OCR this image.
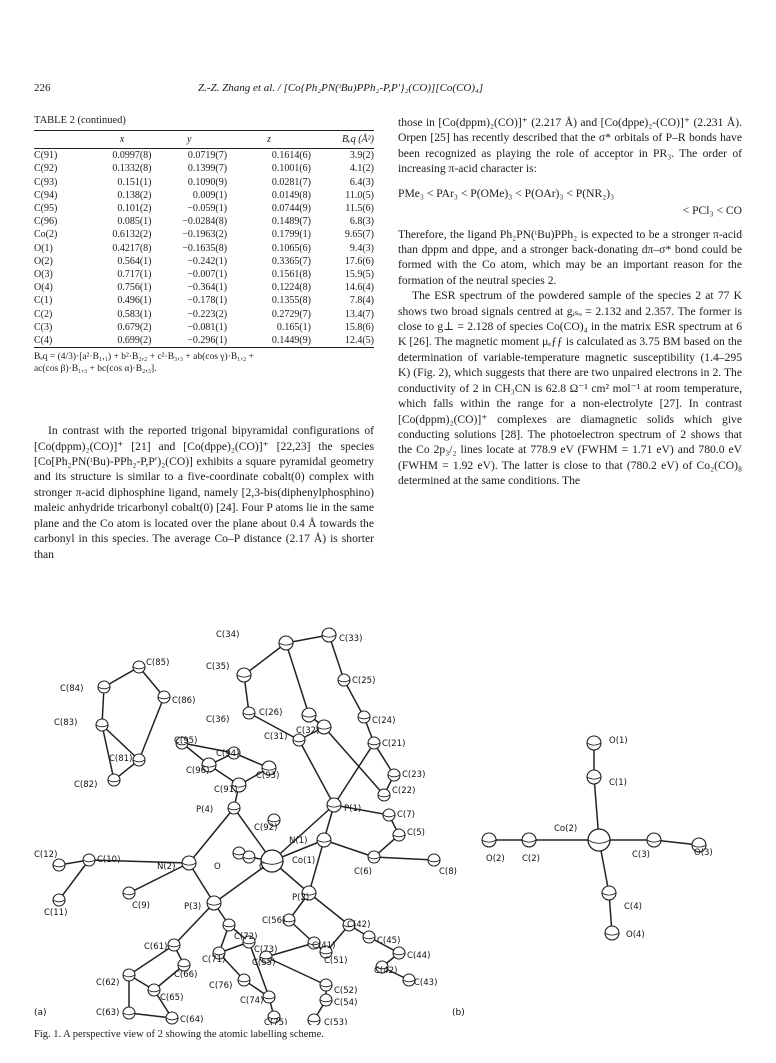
226	Z.-Z. Zhang et al. / [Co{Ph₂PN(ᵗBu)PPh₂-P,P′}₂(CO)][Co(CO)₄]
TABLE 2 (continued)
	x	y	z	Bₑq (Å²)

C(91)	0.0997(8)	0.0719(7)	0.1614(6)	3.9(2)
C(92)	0.1332(8)	0.1399(7)	0.1001(6)	4.1(2)
C(93)	0.151(1)	0.1090(9)	0.0281(7)	6.4(3)
C(94)	0.138(2)	0.009(1)	0.0149(8)	11.0(5)
C(95)	0.101(2)	−0.059(1)	0.0744(9)	11.5(6)
C(96)	0.085(1)	−0.0284(8)	0.1489(7)	6.8(3)
Co(2)	0.6132(2)	−0.1963(2)	0.1799(1)	9.65(7)
O(1)	0.4217(8)	−0.1635(8)	0.1065(6)	9.4(3)
O(2)	0.564(1)	−0.242(1)	0.3365(7)	17.6(6)
O(3)	0.717(1)	−0.007(1)	0.1561(8)	15.9(5)
O(4)	0.756(1)	−0.364(1)	0.1224(8)	14.6(4)
C(1)	0.496(1)	−0.178(1)	0.1355(8)	7.8(4)
C(2)	0.583(1)	−0.223(2)	0.2729(7)	13.4(7)
C(3)	0.679(2)	−0.081(1)	0.165(1)	15.8(6)
C(4)	0.699(2)	−0.296(1)	0.1449(9)	12.4(5)
Bₑq = (4/3)·[a²·B₁,₁) + b²·B₂,₂ + c²·B₃,₃ + ab(cos γ)·B₁,₂ +
ac(cos β)·B₁,₃ + bc(cos α)·B₂,₃].

In contrast with the reported trigonal bipyramidal configurations of [Co(dppm)₂(CO)]⁺ [21] and [Co(dppe)₂(CO)]⁺ [22,23] the species [Co[Ph₂PN(ᵗBu)-PPh₂-P,P′)₂(CO)] exhibits a square pyramidal geometry and its structure is similar to a five-coordinate cobalt(0) complex with stronger π-acid diphosphine ligand, namely [2,3-bis(diphenylphosphino) maleic anhydride tricarbonyl cobalt(0) [24]. Four P atoms lie in the same plane and the Co atom is located over the plane about 0.4 Å towards the carbonyl in this species. The average Co–P distance (2.17 Å) is shorter than

those in [Co(dppm)₂(CO)]⁺ (2.217 Å) and [Co(dppe)₂-(CO)]⁺ (2.231 Å). Orpen [25] has recently described that the σ* orbitals of P–R bonds have been recognized as playing the role of acceptor in PR₃. The order of increasing π-acid character is:

PMe₃ < PAr₃ < P(OMe)₃ < P(OAr)₃ < P(NR₂)₃
< PCl₃ < CO

Therefore, the ligand Ph₂PN(ᵗBu)PPh₂ is expected to be a stronger π-acid than dppm and dppe, and a stronger back-donating dπ–σ* bond could be formed with the Co atom, which may be an important reason for the formation of the neutral species 2.

The ESR spectrum of the powdered sample of the species 2 at 77 K shows two broad signals centred at gᵢₛₒ = 2.132 and 2.357. The former is close to g⊥ = 2.128 of species Co(CO)₄ in the matrix ESR spectrum at 6 K [26]. The magnetic moment μₑƒƒ is calculated as 3.75 BM based on the determination of variable-temperature magnetic susceptibility (1.4–295 K) (Fig. 2), which suggests that there are two unpaired electrons in 2. The conductivity of 2 in CH₃CN is 62.8 Ω⁻¹ cm² mol⁻¹ at room temperature, which falls within the range for a non-electrolyte [27]. In contrast [Co(dppm)₂(CO)]⁺ complexes are diamagnetic solids which give conducting solutions [28]. The photoelectron spectrum of 2 shows that the Co 2p₃/₂ lines locate at 778.9 eV (FWHM = 1.71 eV) and 780.0 eV (FWHM = 1.92 eV). The latter is close to that (780.2 eV) of Co₂(CO)₈ determined at the same conditions. The

C(34)	C(33)
C(85)	C(35)
C(25)
C(84)
C(86)
C(26)
C(24)
C(36)
C(32)
C(83)
C(31)
C(95)	C(21)
C(81)	C(94)
C(23)
C(96)	C(93)
C(22)
C(82)	C(91)
P(1)
C(7)
P(4)
C(5)
C(92)
N(1)
C(12)	C(10)
N(2)	O	C
Co(1)
C(6)	C(8)
C(9)
P(2)
C(42)
C(11)
P(3)
C(56)
C(45)
C(72)
C(41)
C(44)
C(73)
C(51)
C(42)
C(61)
C(71)	C(55)
C(43)
C(66)
C(62)	C(76)	C(52)
C(65)	C(74)	C(54)
C(63)
C(64)	C(75)	C(53)
O(1)
C(1)
Co(2)
O(2) C(2)	C(3)	O(3)
C(4)
O(4)
(a)	(b)
Fig. 1. A perspective view of 2 showing the atomic labelling scheme.
